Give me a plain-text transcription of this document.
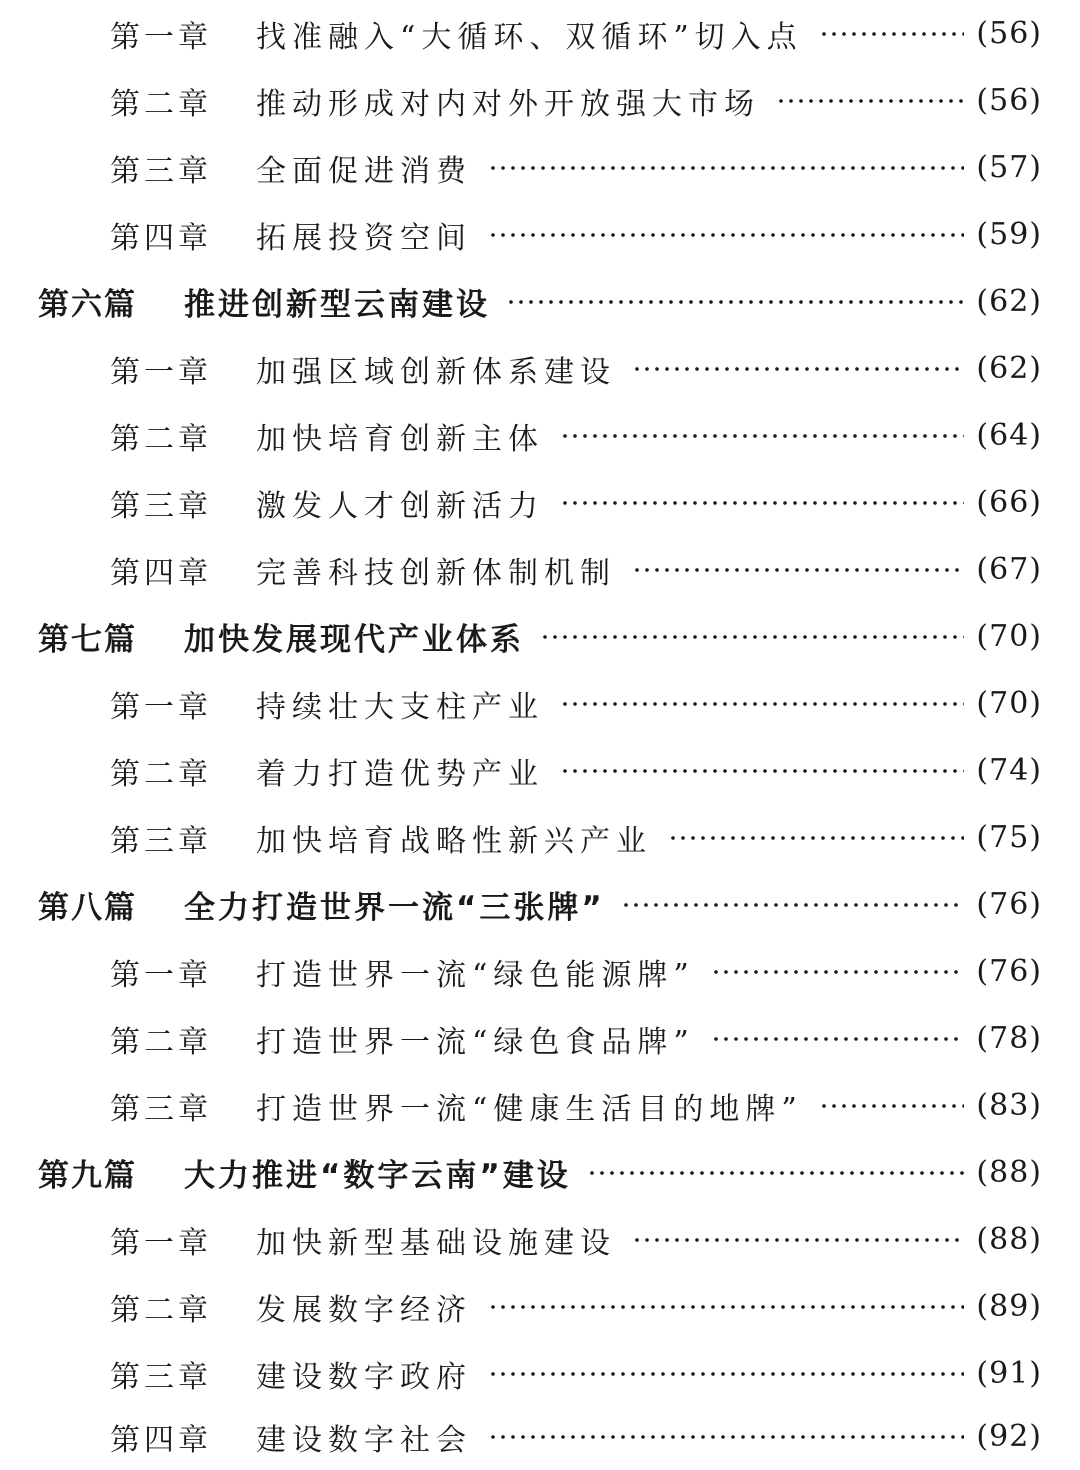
第一章	找准融入“大循环、双循环”切入点	(56)
第二章	推动形成对内对外开放强大市场	(56)
第三章	全面促进消费	(57)
第四章	拓展投资空间	(59)
第六篇	推进创新型云南建设	(62)
第一章	加强区域创新体系建设	(62)
第二章	加快培育创新主体	(64)
第三章	激发人才创新活力	(66)
第四章	完善科技创新体制机制	(67)
第七篇	加快发展现代产业体系	(70)
第一章	持续壮大支柱产业	(70)
第二章	着力打造优势产业	(74)
第三章	加快培育战略性新兴产业	(75)
第八篇	全力打造世界一流“三张牌”	(76)
第一章	打造世界一流“绿色能源牌”	(76)
第二章	打造世界一流“绿色食品牌”	(78)
第三章	打造世界一流“健康生活目的地牌”	(83)
第九篇	大力推进“数字云南”建设	(88)
第一章	加快新型基础设施建设	(88)
第二章	发展数字经济	(89)
第三章	建设数字政府	(91)
第四章	建设数字社会	(92)
